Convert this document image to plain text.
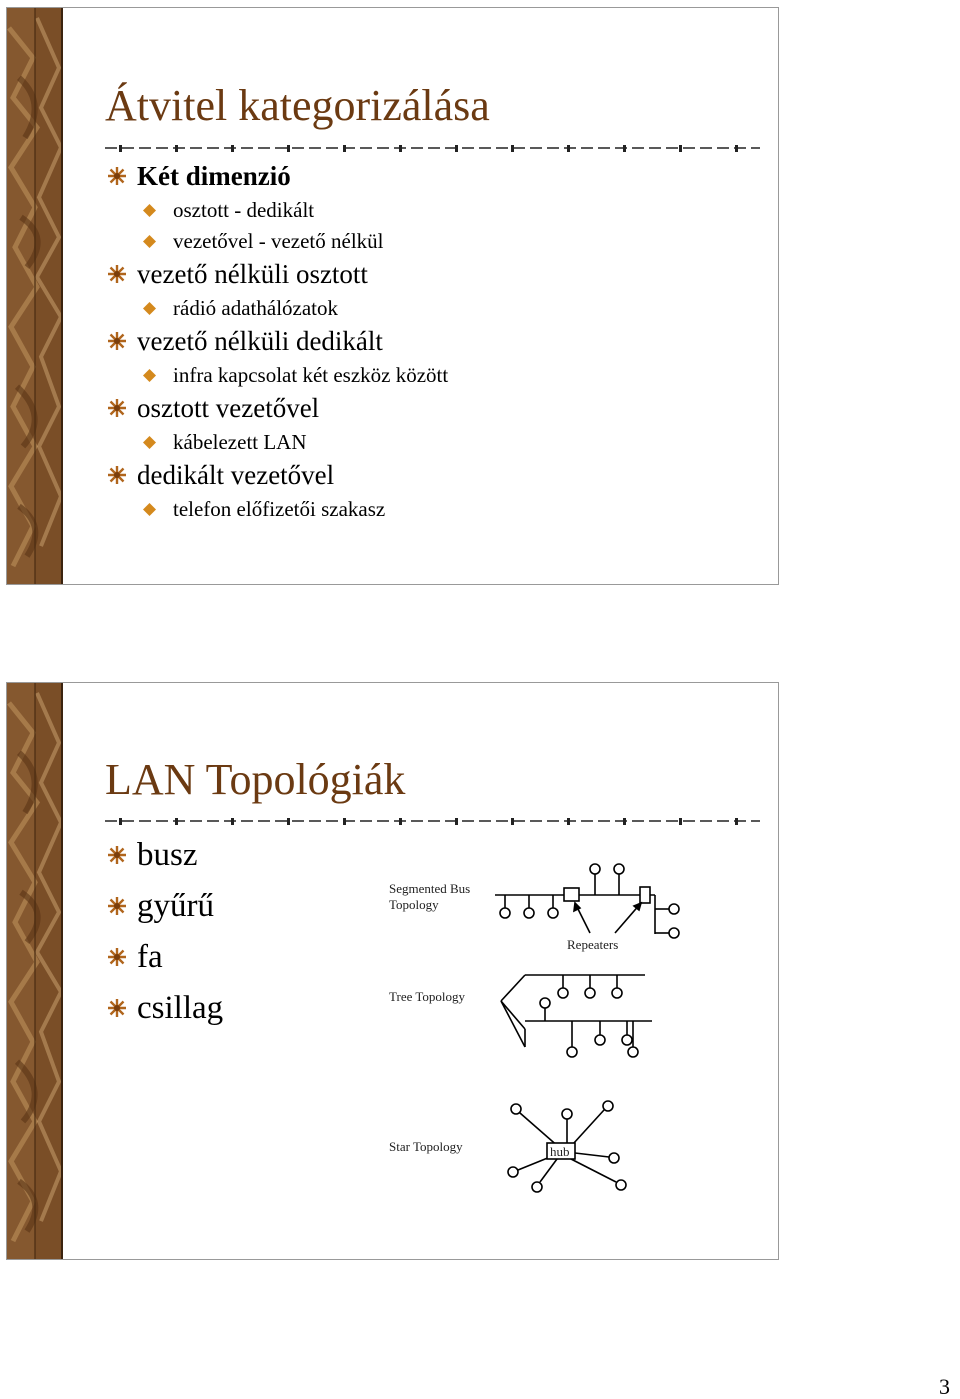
Átvitel kategorizálása
Két dimenzió
osztott - dedikált
vezetővel - vezető nélkül
vezető nélküli osztott
rádió adathálózatok
vezető nélküli dedikált
infra kapcsolat két eszköz között
osztott vezetővel
kábelezett LAN
dedikált vezetővel
telefon előfizetői szakasz
LAN Topológiák
busz
gyűrű
fa
csillag
Segmented Bus
Topology
Repeaters
Tree Topology
Star Topology	hub
3
